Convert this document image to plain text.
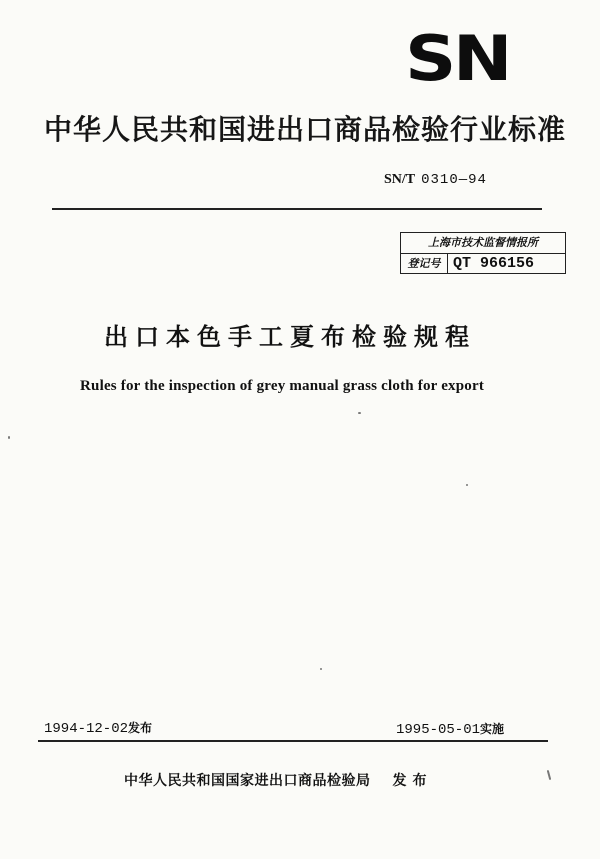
SN
中华人民共和国进出口商品检验行业标准
SN/T 0310—94
上海市技术监督情报所
登记号 QT 966156
出口本色手工夏布检验规程
Rules for the inspection of grey manual grass cloth for export
1994-12-02发布	1995-05-01实施
中华人民共和国国家进出口商品检验局 发布
